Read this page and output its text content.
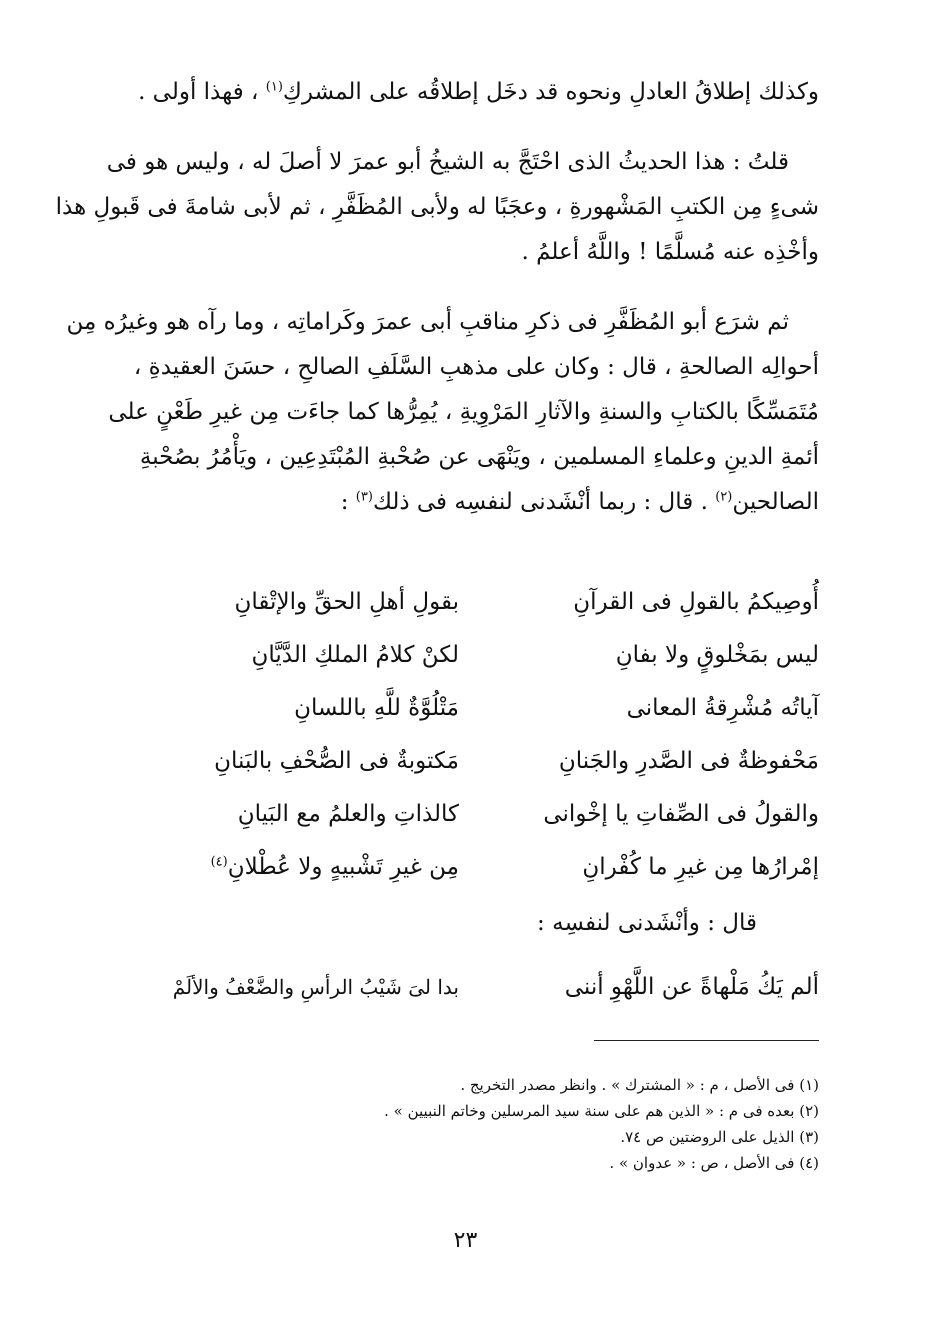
وكذلك إطلاقُ العادلِ ونحوه قد دخَل إطلاقُه على المشركِ$^{(١)}$ ، فهذا أولى .
قلتُ : هذا الحديثُ الذى احْتَجَّ به الشيخُ أبو عمرَ لا أصلَ له ، وليس هو فى
شىءٍ مِن الكتبِ المَشْهورةِ ، وعجَبًا له ولأبى المُظَفَّرِ ، ثم لأبى شامةَ فى قَبولِ هذا
وأخْذِه عنه مُسلَّمًا ! واللَّهُ أعلمُ .
ثم شرَع أبو المُظَفَّرِ فى ذكرِ مناقبِ أبى عمرَ وكَراماتِه ، وما رآه هو وغيرُه مِن
أحوالِه الصالحةِ ، قال : وكان على مذهبِ السَّلَفِ الصالحِ ، حسَنَ العقيدةِ ،
مُتَمَسِّكًا بالكتابِ والسنةِ والآثارِ المَرْوِيةِ ، يُمِرُّها كما جاءَت مِن غيرِ طَعْنٍ على
أئمةِ الدينِ وعلماءِ المسلمين ، ويَنْهَى عن صُحْبةِ المُبْتَدِعِين ، ويَأْمُرُ بصُحْبةِ
الصالحين$^{(٢)}$ . قال : ربما أنْشَدنى لنفسِه فى ذلك$^{(٣)}$ :
أُوصِيكمُ بالقولِ فى القرآنِ
بقولِ أهلِ الحقِّ والإتْقانِ
ليس بمَخْلوقٍ ولا بفانِ
لكنْ كلامُ الملكِ الدَّيَّانِ
آياتُه مُشْرِقةُ المعانى
مَتْلُوَّةٌ للَّهِ باللسانِ
مَحْفوظةٌ فى الصَّدرِ والجَنانِ
مَكتوبةٌ فى الصُّحْفِ بالبَنانِ
والقولُ فى الصِّفاتِ يا إخْوانى
كالذاتِ والعلمُ مع البَيانِ
إمْرارُها مِن غيرِ ما كُفْرانِ
مِن غيرِ تَشْبيهٍ ولا عُطْلانِ$^{(٤)}$
قال : وأنْشَدنى لنفسِه :
ألم يَكُ مَلْهاةً عن اللَّهْوِ أننى
بدا لىَ شَيْبُ الرأسِ والضَّعْفُ والألَمْ
(١) فى الأصل ، م : « المشترك » . وانظر مصدر التخريج .
(٢) بعده فى م : « الذين هم على سنة سيد المرسلين وخاتم النبيين » .
(٣) الذيل على الروضتين ص ٧٤.
(٤) فى الأصل ، ص : « عدوان » .
٢٣
